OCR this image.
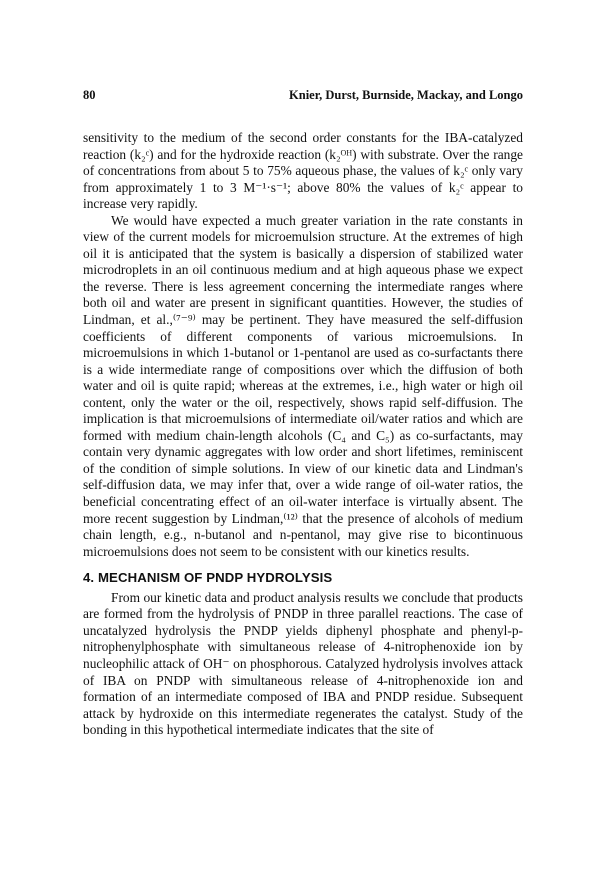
80	Knier, Durst, Burnside, Mackay, and Longo

sensitivity to the medium of the second order constants for the IBA-catalyzed reaction (k₂ᶜ) and for the hydroxide reaction (k₂ᴼᴴ) with substrate. Over the range of concentrations from about 5 to 75% aqueous phase, the values of k₂ᶜ only vary from approximately 1 to 3 M⁻¹·s⁻¹; above 80% the values of k₂ᶜ appear to increase very rapidly.

We would have expected a much greater variation in the rate constants in view of the current models for microemulsion structure. At the extremes of high oil it is anticipated that the system is basically a dispersion of stabilized water microdroplets in an oil continuous medium and at high aqueous phase we expect the reverse. There is less agreement concerning the intermediate ranges where both oil and water are present in significant quantities. However, the studies of Lindman, et al.,⁽⁷⁻⁹⁾ may be pertinent. They have measured the self-diffusion coefficients of different components of various microemulsions. In microemulsions in which 1-butanol or 1-pentanol are used as co-surfactants there is a wide intermediate range of compositions over which the diffusion of both water and oil is quite rapid; whereas at the extremes, i.e., high water or high oil content, only the water or the oil, respectively, shows rapid self-diffusion. The implication is that microemulsions of intermediate oil/water ratios and which are formed with medium chain-length alcohols (C₄ and C₅) as co-surfactants, may contain very dynamic aggregates with low order and short lifetimes, reminiscent of the condition of simple solutions. In view of our kinetic data and Lindman's self-diffusion data, we may infer that, over a wide range of oil-water ratios, the beneficial concentrating effect of an oil-water interface is virtually absent. The more recent suggestion by Lindman,⁽¹²⁾ that the presence of alcohols of medium chain length, e.g., n-butanol and n-pentanol, may give rise to bicontinuous microemulsions does not seem to be consistent with our kinetics results.

4. MECHANISM OF PNDP HYDROLYSIS

From our kinetic data and product analysis results we conclude that products are formed from the hydrolysis of PNDP in three parallel reactions. The case of uncatalyzed hydrolysis the PNDP yields diphenyl phosphate and phenyl-p-nitrophenylphosphate with simultaneous release of 4-nitrophenoxide ion by nucleophilic attack of OH⁻ on phosphorous. Catalyzed hydrolysis involves attack of IBA on PNDP with simultaneous release of 4-nitrophenoxide ion and formation of an intermediate composed of IBA and PNDP residue. Subsequent attack by hydroxide on this intermediate regenerates the catalyst. Study of the bonding in this hypothetical intermediate indicates that the site of
